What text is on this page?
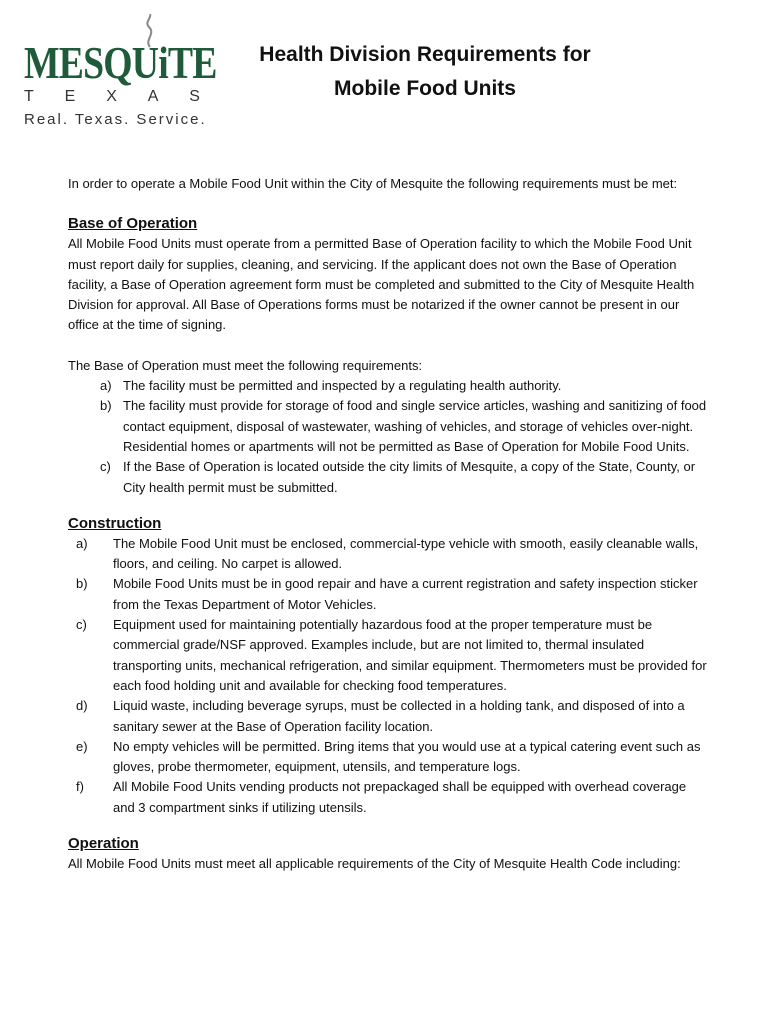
MESQUiTE
T E X A S
Real. Texas. Service.
Health Division Requirements for
Mobile Food Units

In order to operate a Mobile Food Unit within the City of Mesquite the following requirements must be met:

Base of Operation

All Mobile Food Units must operate from a permitted Base of Operation facility to which the Mobile Food Unit must report daily for supplies, cleaning, and servicing. If the applicant does not own the Base of Operation facility, a Base of Operation agreement form must be completed and submitted to the City of Mesquite Health Division for approval. All Base of Operations forms must be notarized if the owner cannot be present in our office at the time of signing.

The Base of Operation must meet the following requirements:

a) The facility must be permitted and inspected by a regulating health authority.
b) The facility must provide for storage of food and single service articles, washing and sanitizing of food contact equipment, disposal of wastewater, washing of vehicles, and storage of vehicles over-night. Residential homes or apartments will not be permitted as Base of Operation for Mobile Food Units.
c) If the Base of Operation is located outside the city limits of Mesquite, a copy of the State, County, or City health permit must be submitted.
Construction
a) The Mobile Food Unit must be enclosed, commercial-type vehicle with smooth, easily cleanable walls, floors, and ceiling. No carpet is allowed.
b) Mobile Food Units must be in good repair and have a current registration and safety inspection sticker from the Texas Department of Motor Vehicles.
c) Equipment used for maintaining potentially hazardous food at the proper temperature must be commercial grade/NSF approved. Examples include, but are not limited to, thermal insulated transporting units, mechanical refrigeration, and similar equipment. Thermometers must be provided for each food holding unit and available for checking food temperatures.
d) Liquid waste, including beverage syrups, must be collected in a holding tank, and disposed of into a sanitary sewer at the Base of Operation facility location.
e) No empty vehicles will be permitted. Bring items that you would use at a typical catering event such as gloves, probe thermometer, equipment, utensils, and temperature logs.
f) All Mobile Food Units vending products not prepackaged shall be equipped with overhead coverage and 3 compartment sinks if utilizing utensils.
Operation

All Mobile Food Units must meet all applicable requirements of the City of Mesquite Health Code including:
